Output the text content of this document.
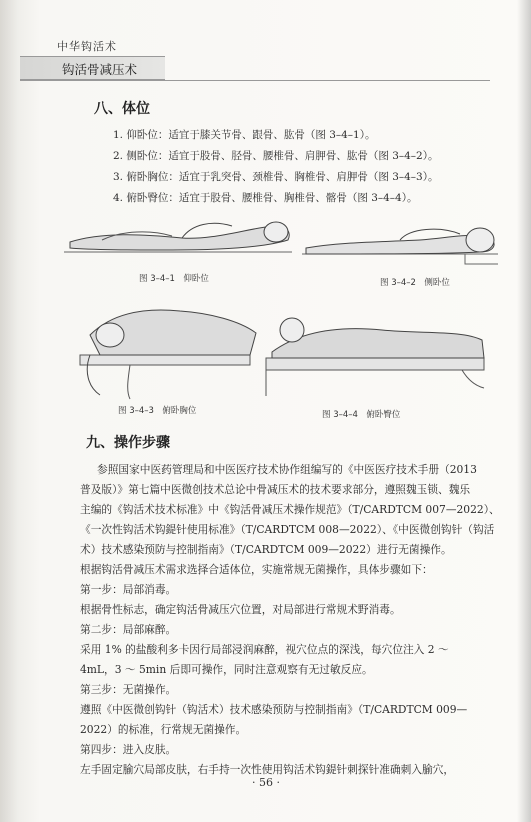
中华钩活术
钩活骨减压术
八、体位
1. 仰卧位：适宜于膝关节骨、跟骨、肱骨（图 3–4–1）。
2. 侧卧位：适宜于股骨、胫骨、腰椎骨、肩胛骨、肱骨（图 3–4–2）。
3. 俯卧胸位：适宜于乳突骨、颈椎骨、胸椎骨、肩胛骨（图 3–4–3）。
4. 俯卧臀位：适宜于股骨、腰椎骨、胸椎骨、髂骨（图 3–4–4）。
图 3–4–1　仰卧位	图 3–4–2　侧卧位
图 3–4–3　俯卧胸位	图 3–4–4　俯卧臀位
九、操作步骤
参照国家中医药管理局和中医医疗技术协作组编写的《中医医疗技术手册（2013
普及版）》第七篇中医微创技术总论中骨减压术的技术要求部分，遵照魏玉锁、魏乐
主编的《钩活术技术标准》中《钩活骨减压术操作规范》（T/CARDTCM 007—2022）、
《一次性钩活术钩鍉针使用标准》（T/CARDTCM 008—2022）、《中医微创钩针（钩活
术）技术感染预防与控制指南》（T/CARDTCM 009—2022）进行无菌操作。
根据钩活骨减压术需求选择合适体位，实施常规无菌操作，具体步骤如下：
第一步：局部消毒。
根据骨性标志，确定钩活骨减压穴位置，对局部进行常规术野消毒。
第二步：局部麻醉。
采用 1% 的盐酸利多卡因行局部浸润麻醉，视穴位点的深浅，每穴位注入 2 ～
4mL，3 ～ 5min 后即可操作，同时注意观察有无过敏反应。
第三步：无菌操作。
遵照《中医微创钩针（钩活术）技术感染预防与控制指南》（T/CARDTCM 009—
2022）的标准，行常规无菌操作。
第四步：进入皮肤。
左手固定腧穴局部皮肤，右手持一次性使用钩活术钩鍉针刺探针准确刺入腧穴，
· 56 ·
